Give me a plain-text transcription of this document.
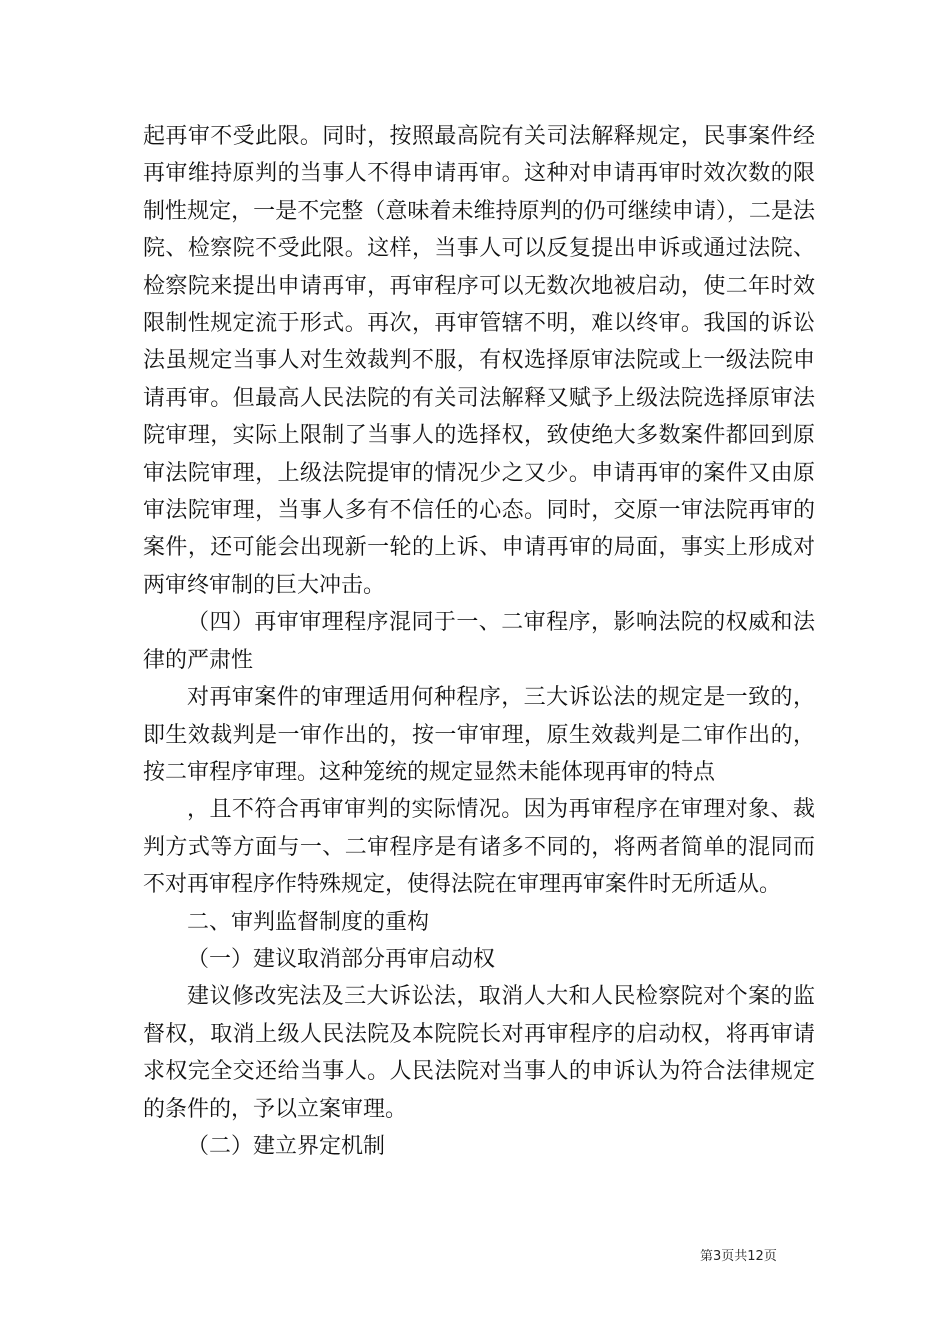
起再审不受此限。同时，按照最高院有关司法解释规定，民事案件经再审维持原判的当事人不得申请再审。这种对申请再审时效次数的限制性规定，一是不完整（意味着未维持原判的仍可继续申请），二是法院、检察院不受此限。这样，当事人可以反复提出申诉或通过法院、检察院来提出申请再审，再审程序可以无数次地被启动，使二年时效限制性规定流于形式。再次，再审管辖不明，难以终审。我国的诉讼法虽规定当事人对生效裁判不服，有权选择原审法院或上一级法院申请再审。但最高人民法院的有关司法解释又赋予上级法院选择原审法院审理，实际上限制了当事人的选择权，致使绝大多数案件都回到原审法院审理，上级法院提审的情况少之又少。申请再审的案件又由原审法院审理，当事人多有不信任的心态。同时，交原一审法院再审的案件，还可能会出现新一轮的上诉、申请再审的局面，事实上形成对两审终审制的巨大冲击。

（四）再审审理程序混同于一、二审程序，影响法院的权威和法律的严肃性

对再审案件的审理适用何种程序，三大诉讼法的规定是一致的，即生效裁判是一审作出的，按一审审理，原生效裁判是二审作出的，按二审程序审理。这种笼统的规定显然未能体现再审的特点

，且不符合再审审判的实际情况。因为再审程序在审理对象、裁判方式等方面与一、二审程序是有诸多不同的，将两者简单的混同而不对再审程序作特殊规定，使得法院在审理再审案件时无所适从。

二、审判监督制度的重构

（一）建议取消部分再审启动权

建议修改宪法及三大诉讼法，取消人大和人民检察院对个案的监督权，取消上级人民法院及本院院长对再审程序的启动权，将再审请求权完全交还给当事人。人民法院对当事人的申诉认为符合法律规定的条件的，予以立案审理。

（二）建立界定机制

第3页共12页
